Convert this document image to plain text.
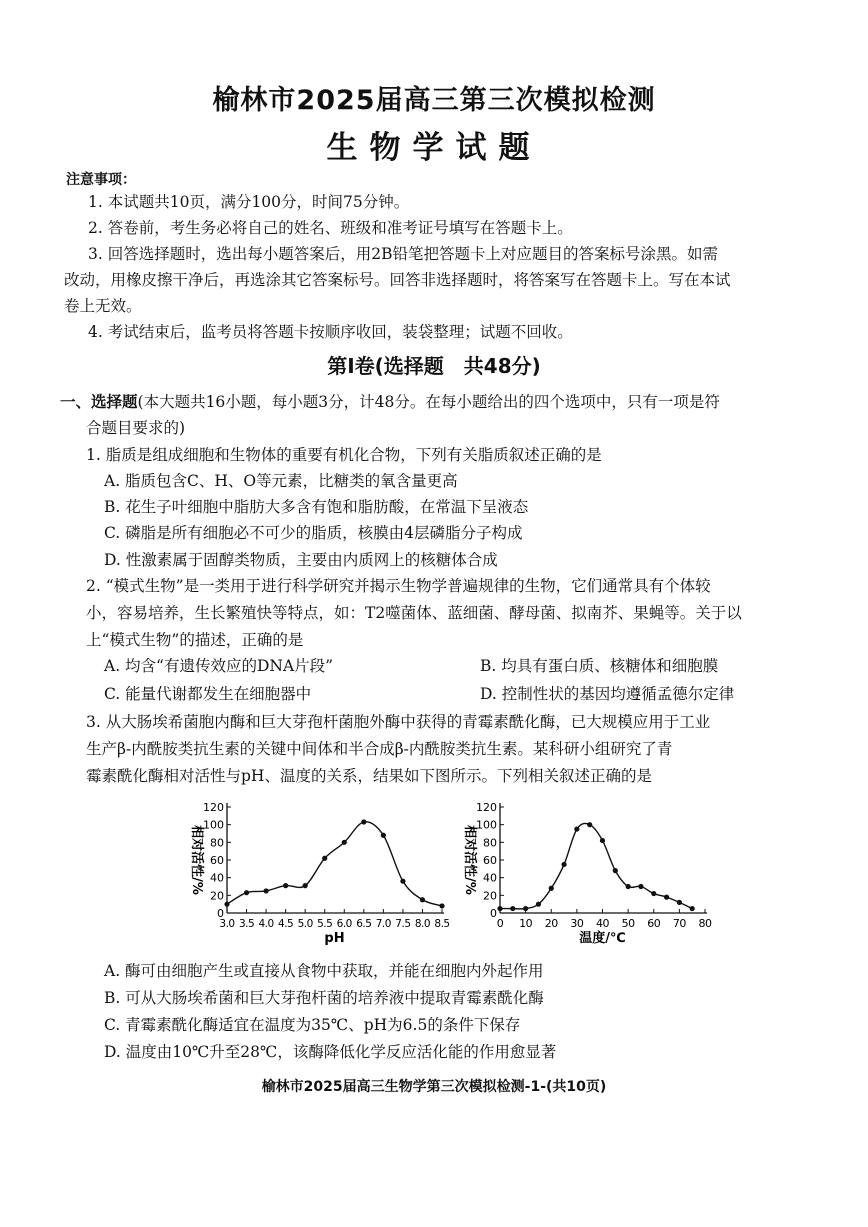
榆林市2025届高三第三次模拟检测
生物学试题
注意事项：
1. 本试题共10页，满分100分，时间75分钟。
2. 答卷前，考生务必将自己的姓名、班级和准考证号填写在答题卡上。
3. 回答选择题时，选出每小题答案后，用2B铅笔把答题卡上对应题目的答案标号涂黑。如需
改动，用橡皮擦干净后，再选涂其它答案标号。回答非选择题时，将答案写在答题卡上。写在本试
卷上无效。
4. 考试结束后，监考员将答题卡按顺序收回，装袋整理；试题不回收。
第Ⅰ卷(选择题　共48分)
一、选择题(本大题共16小题，每小题3分，计48分。在每小题给出的四个选项中，只有一项是符
合题目要求的)
1. 脂质是组成细胞和生物体的重要有机化合物，下列有关脂质叙述正确的是
A. 脂质包含C、H、O等元素，比糖类的氧含量更高
B. 花生子叶细胞中脂肪大多含有饱和脂肪酸，在常温下呈液态
C. 磷脂是所有细胞必不可少的脂质，核膜由4层磷脂分子构成
D. 性激素属于固醇类物质，主要由内质网上的核糖体合成
2. “模式生物”是一类用于进行科学研究并揭示生物学普遍规律的生物，它们通常具有个体较
小，容易培养，生长繁殖快等特点，如：T2噬菌体、蓝细菌、酵母菌、拟南芥、果蝇等。关于以
上“模式生物”的描述，正确的是
A. 均含“有遗传效应的DNA片段”	B. 均具有蛋白质、核糖体和细胞膜
C. 能量代谢都发生在细胞器中	D. 控制性状的基因均遵循孟德尔定律
3. 从大肠埃希菌胞内酶和巨大芽孢杆菌胞外酶中获得的青霉素酰化酶，已大规模应用于工业
生产β-内酰胺类抗生素的关键中间体和半合成β-内酰胺类抗生素。某科研小组研究了青
霉素酰化酶相对活性与pH、温度的关系，结果如下图所示。下列相关叙述正确的是
0
20
40
60
80
100
120
3.0 3.5 4.0 4.5 5.0 5.5 6.0 6.5 7.0 7.5 8.0 8.5
pH
相对活性/%
0
20
40
60
80
100
120
0 10 20 30 40 50 60 70 80
温度/℃
相对活性/%
A. 酶可由细胞产生或直接从食物中获取，并能在细胞内外起作用
B. 可从大肠埃希菌和巨大芽孢杆菌的培养液中提取青霉素酰化酶
C. 青霉素酰化酶适宜在温度为35℃、pH为6.5的条件下保存
D. 温度由10℃升至28℃，该酶降低化学反应活化能的作用愈显著
榆林市2025届高三生物学第三次模拟检测-1-(共10页)
